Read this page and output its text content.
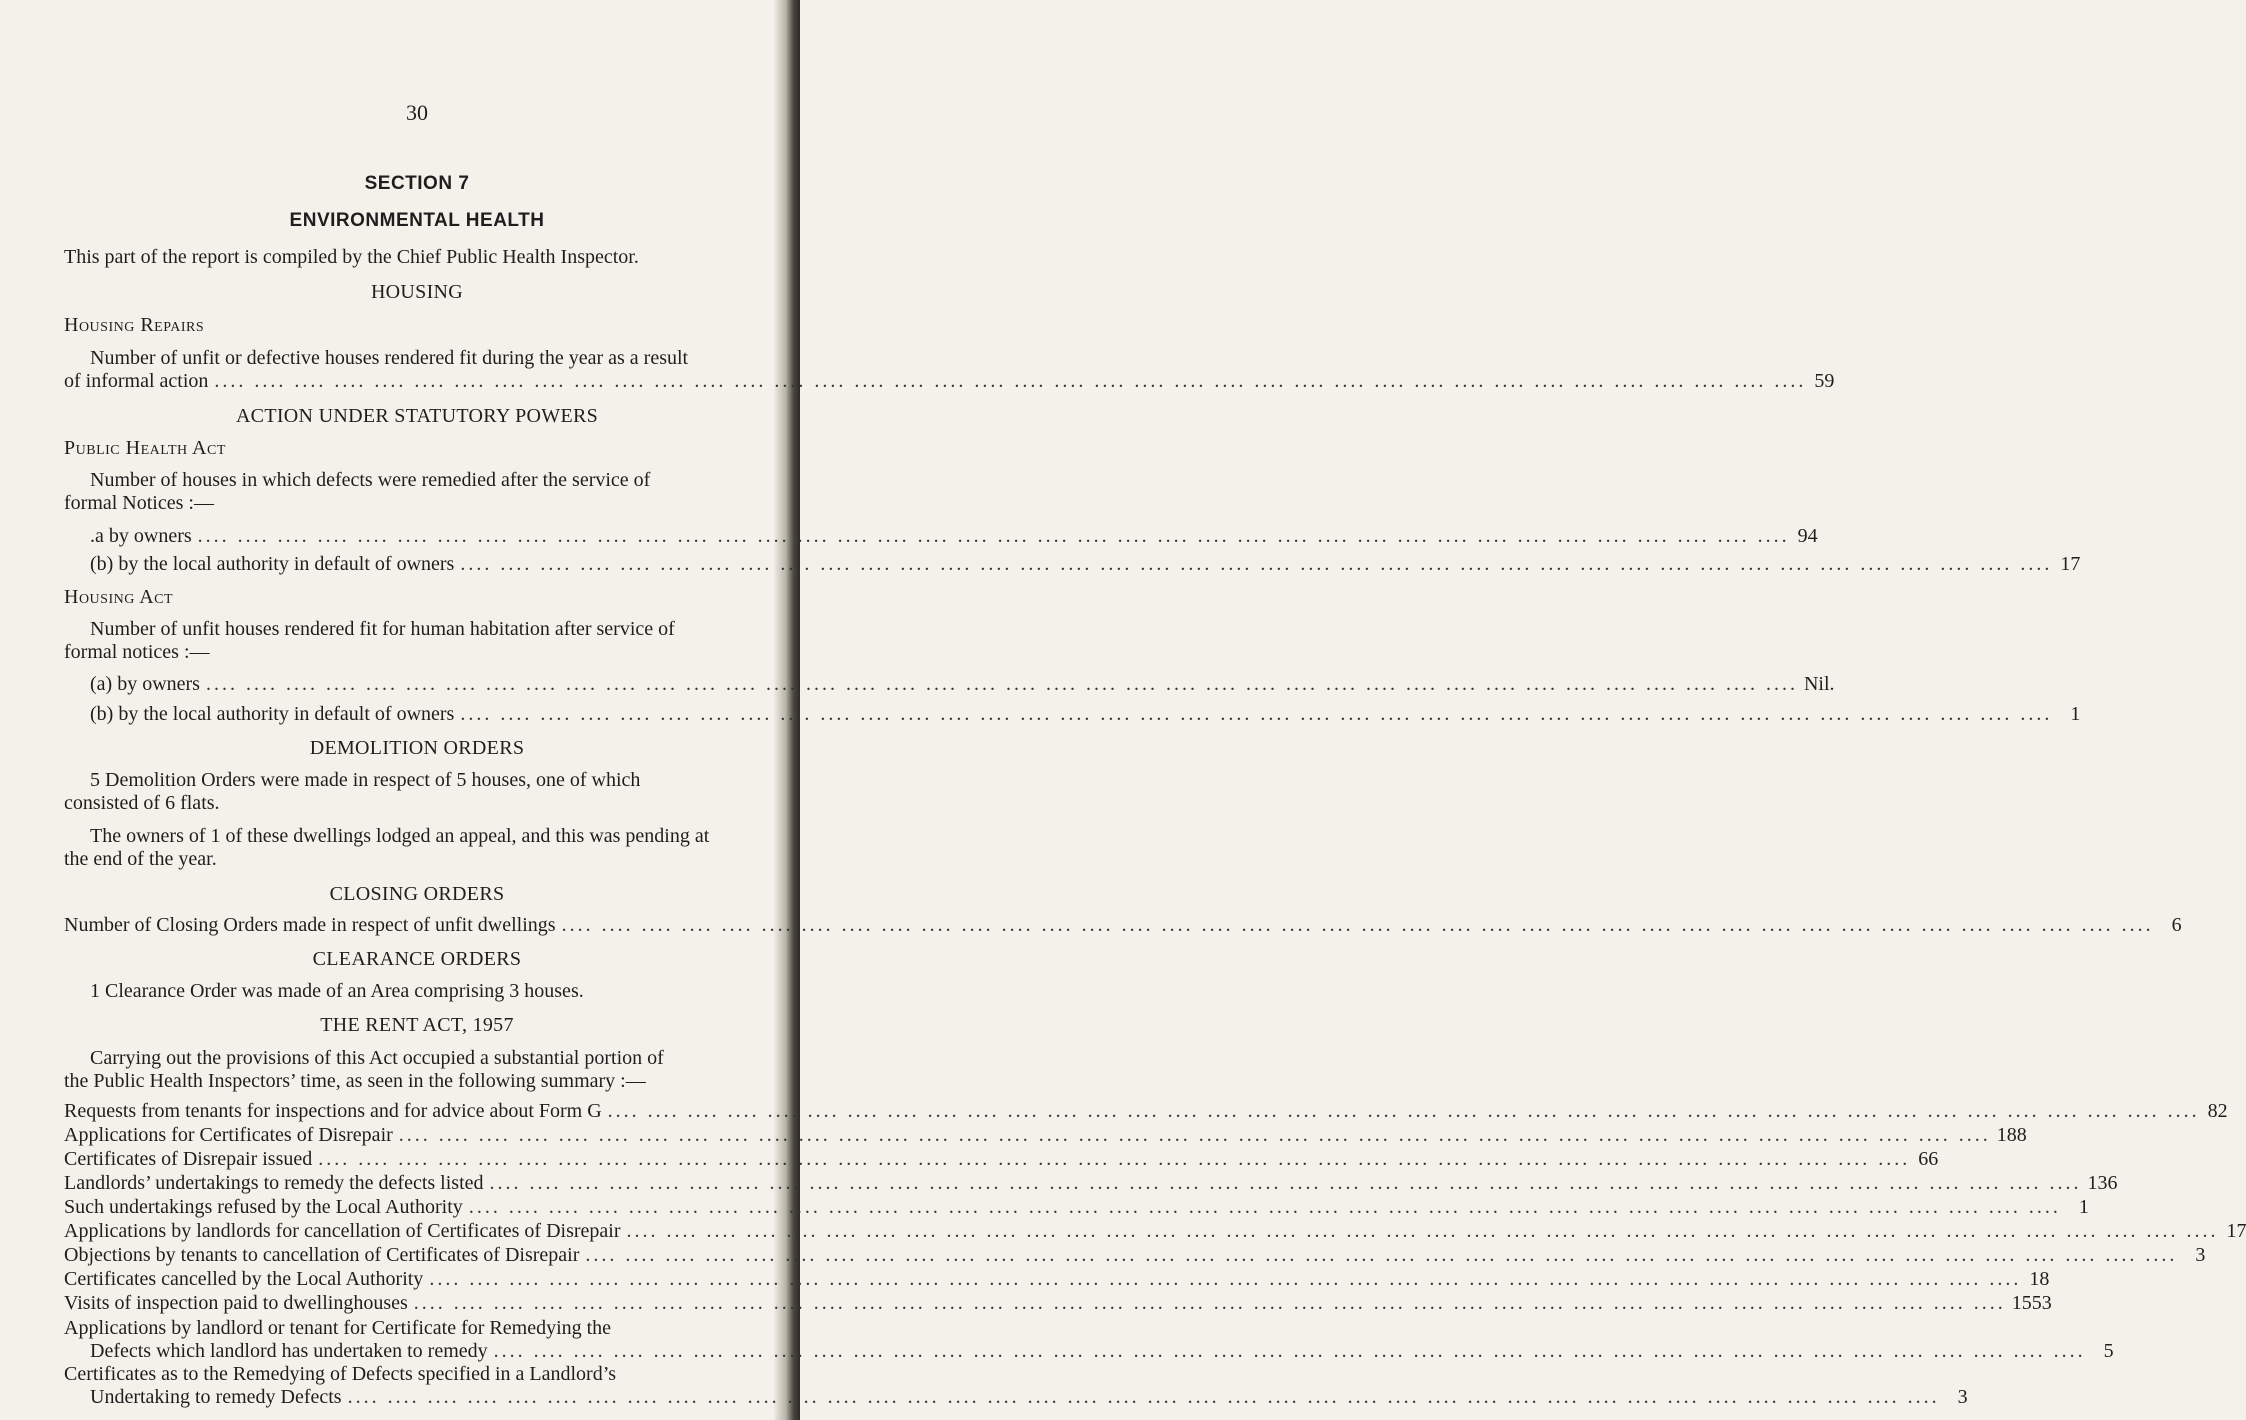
30
SECTION 7
ENVIRONMENTAL HEALTH
This part of the report is compiled by the Chief Public Health Inspector.
HOUSING
Housing Repairs
Number of unfit or defective houses rendered fit during the year as a result
of informal action .... .... .... .... .... .... .... .... .... .... .... .... .... .... .... .... .... .... .... .... .... .... .... .... .... .... .... .... .... .... .... .... .... .... .... .... .... .... .... .... 59
ACTION UNDER STATUTORY POWERS
Public Health Act
Number of houses in which defects were remedied after the service of
formal Notices :—
.a by owners .... .... .... .... .... .... .... .... .... .... .... .... .... .... .... .... .... .... .... .... .... .... .... .... .... .... .... .... .... .... .... .... .... .... .... .... .... .... .... .... 94
(b) by the local authority in default of owners .... .... .... .... .... .... .... .... .... .... .... .... .... .... .... .... .... .... .... .... .... .... .... .... .... .... .... .... .... .... .... .... .... .... .... .... .... .... .... .... 17
Housing Act
Number of unfit houses rendered fit for human habitation after service of
formal notices :—
(a) by owners .... .... .... .... .... .... .... .... .... .... .... .... .... .... .... .... .... .... .... .... .... .... .... .... .... .... .... .... .... .... .... .... .... .... .... .... .... .... .... .... Nil.
(b) by the local authority in default of owners .... .... .... .... .... .... .... .... .... .... .... .... .... .... .... .... .... .... .... .... .... .... .... .... .... .... .... .... .... .... .... .... .... .... .... .... .... .... .... .... 1
DEMOLITION ORDERS
5 Demolition Orders were made in respect of 5 houses, one of which
consisted of 6 flats.
The owners of 1 of these dwellings lodged an appeal, and this was pending at
the end of the year.
CLOSING ORDERS
Number of Closing Orders made in respect of unfit dwellings .... .... .... .... .... .... .... .... .... .... .... .... .... .... .... .... .... .... .... .... .... .... .... .... .... .... .... .... .... .... .... .... .... .... .... .... .... .... .... .... 6
CLEARANCE ORDERS
1 Clearance Order was made of an Area comprising 3 houses.
THE RENT ACT, 1957
Carrying out the provisions of this Act occupied a substantial portion of
the Public Health Inspectors’ time, as seen in the following summary :—
Requests from tenants for inspections and for advice about Form G .... .... .... .... .... .... .... .... .... .... .... .... .... .... .... .... .... .... .... .... .... .... .... .... .... .... .... .... .... .... .... .... .... .... .... .... .... .... .... .... 82
Applications for Certificates of Disrepair .... .... .... .... .... .... .... .... .... .... .... .... .... .... .... .... .... .... .... .... .... .... .... .... .... .... .... .... .... .... .... .... .... .... .... .... .... .... .... .... 188
Certificates of Disrepair issued .... .... .... .... .... .... .... .... .... .... .... .... .... .... .... .... .... .... .... .... .... .... .... .... .... .... .... .... .... .... .... .... .... .... .... .... .... .... .... .... 66
Landlords’ undertakings to remedy the defects listed .... .... .... .... .... .... .... .... .... .... .... .... .... .... .... .... .... .... .... .... .... .... .... .... .... .... .... .... .... .... .... .... .... .... .... .... .... .... .... .... 136
Such undertakings refused by the Local Authority .... .... .... .... .... .... .... .... .... .... .... .... .... .... .... .... .... .... .... .... .... .... .... .... .... .... .... .... .... .... .... .... .... .... .... .... .... .... .... .... 1
Applications by landlords for cancellation of Certificates of Disrepair .... .... .... .... .... .... .... .... .... .... .... .... .... .... .... .... .... .... .... .... .... .... .... .... .... .... .... .... .... .... .... .... .... .... .... .... .... .... .... .... 17
Objections by tenants to cancellation of Certificates of Disrepair .... .... .... .... .... .... .... .... .... .... .... .... .... .... .... .... .... .... .... .... .... .... .... .... .... .... .... .... .... .... .... .... .... .... .... .... .... .... .... .... 3
Certificates cancelled by the Local Authority .... .... .... .... .... .... .... .... .... .... .... .... .... .... .... .... .... .... .... .... .... .... .... .... .... .... .... .... .... .... .... .... .... .... .... .... .... .... .... .... 18
Visits of inspection paid to dwellinghouses .... .... .... .... .... .... .... .... .... .... .... .... .... .... .... .... .... .... .... .... .... .... .... .... .... .... .... .... .... .... .... .... .... .... .... .... .... .... .... .... 1553
Applications by landlord or tenant for Certificate for Remedying the
Defects which landlord has undertaken to remedy .... .... .... .... .... .... .... .... .... .... .... .... .... .... .... .... .... .... .... .... .... .... .... .... .... .... .... .... .... .... .... .... .... .... .... .... .... .... .... .... 5
Certificates as to the Remedying of Defects specified in a Landlord’s
Undertaking to remedy Defects .... .... .... .... .... .... .... .... .... .... .... .... .... .... .... .... .... .... .... .... .... .... .... .... .... .... .... .... .... .... .... .... .... .... .... .... .... .... .... .... 3
